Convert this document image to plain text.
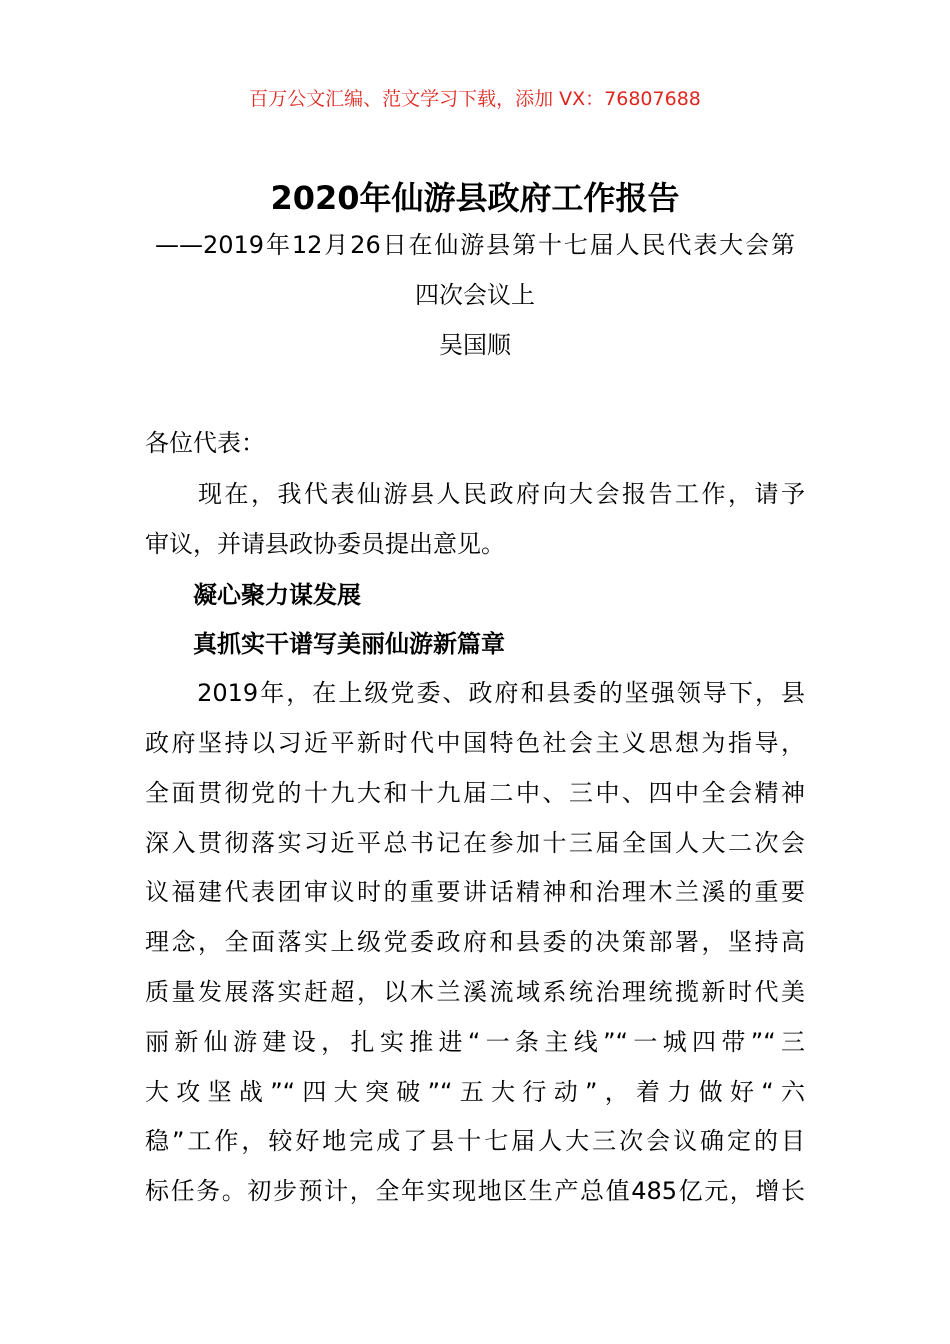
百万公文汇编、范文学习下载，添加 VX：76807688
2020年仙游县政府工作报告
——2019年12月26日在仙游县第十七届人民代表大会第
四次会议上
吴国顺
各位代表：
　　现在，我代表仙游县人民政府向大会报告工作，请予
审议，并请县政协委员提出意见。
　　凝心聚力谋发展
　　真抓实干谱写美丽仙游新篇章
　　2019年，在上级党委、政府和县委的坚强领导下，县
政府坚持以习近平新时代中国特色社会主义思想为指导，
全面贯彻党的十九大和十九届二中、三中、四中全会精神
深入贯彻落实习近平总书记在参加十三届全国人大二次会
议福建代表团审议时的重要讲话精神和治理木兰溪的重要
理念，全面落实上级党委政府和县委的决策部署，坚持高
质量发展落实赶超，以木兰溪流域系统治理统揽新时代美
丽新仙游建设，扎实推进“一条主线”“一城四带”“三
大攻坚战”“四大突破”“五大行动”，着力做好“六
稳”工作，较好地完成了县十七届人大三次会议确定的目
标任务。初步预计，全年实现地区生产总值485亿元，增长
